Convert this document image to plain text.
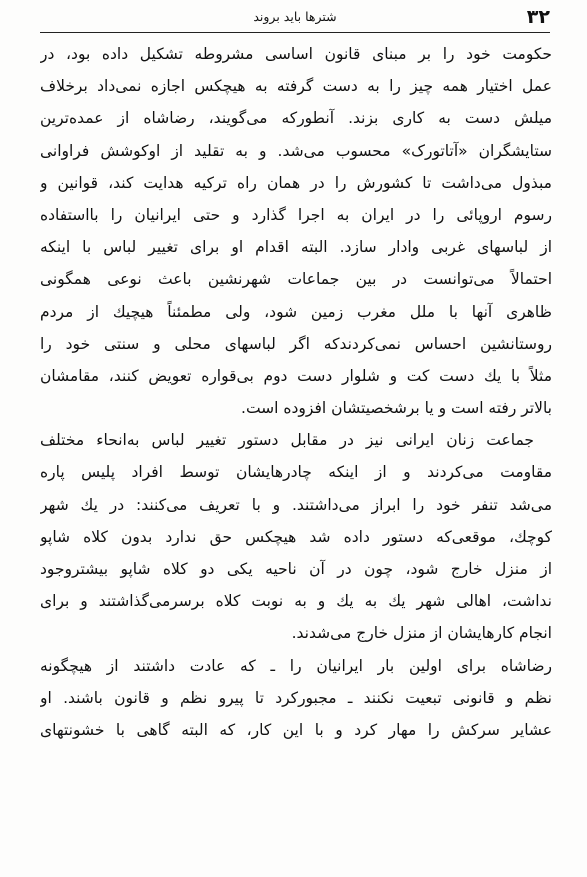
۳۲
شترها باید بروند
حکومت خود را بر مبنای قانون اساسی مشروطه تشکیل داده بود، در
عمل اختیار همه چیز را به دست گرفته به هیچکس اجازه نمی‌داد برخلاف
میلش دست به کاری بزند. آنطورکه می‌گویند، رضاشاه از عمده‌ترین
ستایشگران «آتاتورک» محسوب می‌شد. و به تقلید از اوکوشش فراوانی
مبذول می‌داشت تا کشورش را در همان راه ترکیه هدایت کند، قوانین و
رسوم اروپائی را در ایران به اجرا گذارد و حتی ایرانیان را بااستفاده
از لباسهای غربی وادار سازد. البته اقدام او برای تغییر لباس با اینکه
احتمالاً می‌توانست در بین جماعات شهرنشین باعث نوعی همگونی
ظاهری آنها با ملل مغرب زمین شود، ولی مطمئناً هیچیك از مردم
روستانشین احساس نمی‌کردندکه اگر لباسهای محلی و سنتی خود را
مثلاً با یك دست کت و شلوار دست دوم بی‌قواره تعویض کنند، مقامشان
بالاتر رفته است و یا برشخصیتشان افزوده است.
جماعت زنان ایرانی نیز در مقابل دستور تغییر لباس به‌انحاء مختلف
مقاومت می‌کردند و از اینکه چادرهایشان توسط افراد پلیس پاره
می‌شد تنفر خود را ابراز می‌داشتند. و با تعریف می‌کنند: در یك شهر
کوچك، موقعی‌که دستور داده شد هیچکس حق ندارد بدون کلاه شاپو
از منزل خارج شود، چون در آن ناحیه یکی دو کلاه شاپو بیشتروجود
نداشت، اهالی شهر یك به یك و به نوبت کلاه برسرمی‌گذاشتند و برای
انجام کارهایشان از منزل خارج می‌شدند.
رضاشاه برای اولین بار ایرانیان را ـ که عادت داشتند از هیچگونه
نظم و قانونی تبعیت نکنند ـ مجبورکرد تا پیرو نظم و قانون باشند. او
عشایر سرکش را مهار کرد و با این کار، که البته گاهی با خشونتهای
